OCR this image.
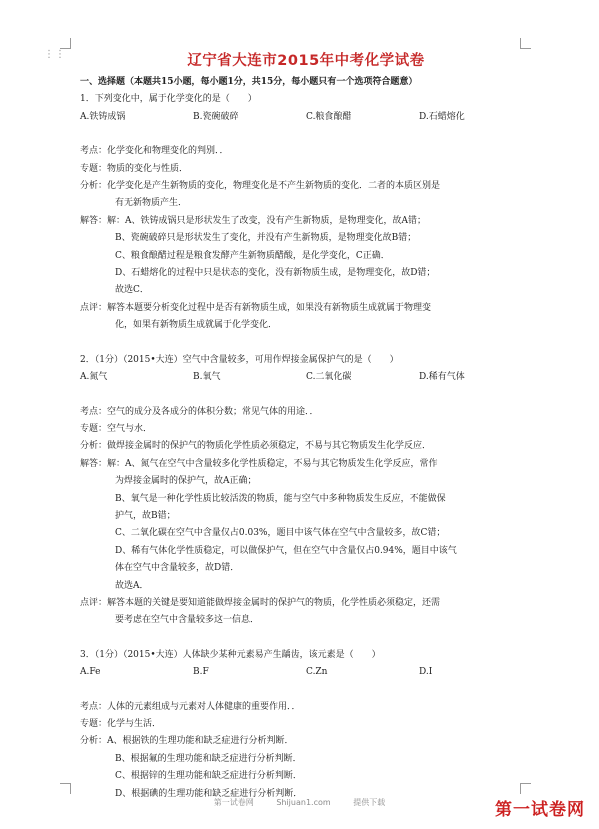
⋮⋮	辽宁省大连市2015年中考化学试卷
一、选择题（本题共15小题，每小题1分，共15分，每小题只有一个选项符合题意）
1．下列变化中，属于化学变化的是（　　）
A.铁铸成锅	B.瓷碗破碎	C.粮食酿醋	D.石蜡熔化
考点：化学变化和物理变化的判别．．
专题：物质的变化与性质．
分析：化学变化是产生新物质的变化，物理变化是不产生新物质的变化．二者的本质区别是
有无新物质产生．
解答：解：A、铁铸成锅只是形状发生了改变，没有产生新物质，是物理变化，故A错；
B、瓷碗破碎只是形状发生了变化，并没有产生新物质，是物理变化故B错；
C、粮食酿醋过程是粮食发酵产生新物质醋酸，是化学变化，C正确．
D、石蜡熔化的过程中只是状态的变化，没有新物质生成，是物理变化，故D错；
故选C．
点评：解答本题要分析变化过程中是否有新物质生成，如果没有新物质生成就属于物理变
化，如果有新物质生成就属于化学变化．
2．（1分）（2015•大连）空气中含量较多，可用作焊接金属保护气的是（　　）
A.氮气	B.氧气	C.二氧化碳	D.稀有气体
考点：空气的成分及各成分的体积分数；常见气体的用途．．
专题：空气与水．
分析：做焊接金属时的保护气的物质化学性质必须稳定，不易与其它物质发生化学反应．
解答：解：A、氮气在空气中含量较多化学性质稳定，不易与其它物质发生化学反应，常作
为焊接金属时的保护气，故A正确；
B、氧气是一种化学性质比较活泼的物质，能与空气中多种物质发生反应，不能做保
护气，故B错；
C、二氧化碳在空气中含量仅占0.03%，题目中该气体在空气中含量较多，故C错；
D、稀有气体化学性质稳定，可以做保护气，但在空气中含量仅占0.94%，题目中该气
体在空气中含量较多，故D错．
故选A．
点评：解答本题的关键是要知道能做焊接金属时的保护气的物质，化学性质必须稳定，还需
要考虑在空气中含量较多这一信息．
3．（1分）（2015•大连）人体缺少某种元素易产生龋齿，该元素是（　　）
A.Fe	B.F	C.Zn	D.I
考点：人体的元素组成与元素对人体健康的重要作用．．
专题：化学与生活．
分析：A、根据铁的生理功能和缺乏症进行分析判断．
B、根据氟的生理功能和缺乏症进行分析判断．
C、根据锌的生理功能和缺乏症进行分析判断．
D、根据碘的生理功能和缺乏症进行分析判断．
第一试卷网	Shijuan1.com	提供下载	第一试卷网
